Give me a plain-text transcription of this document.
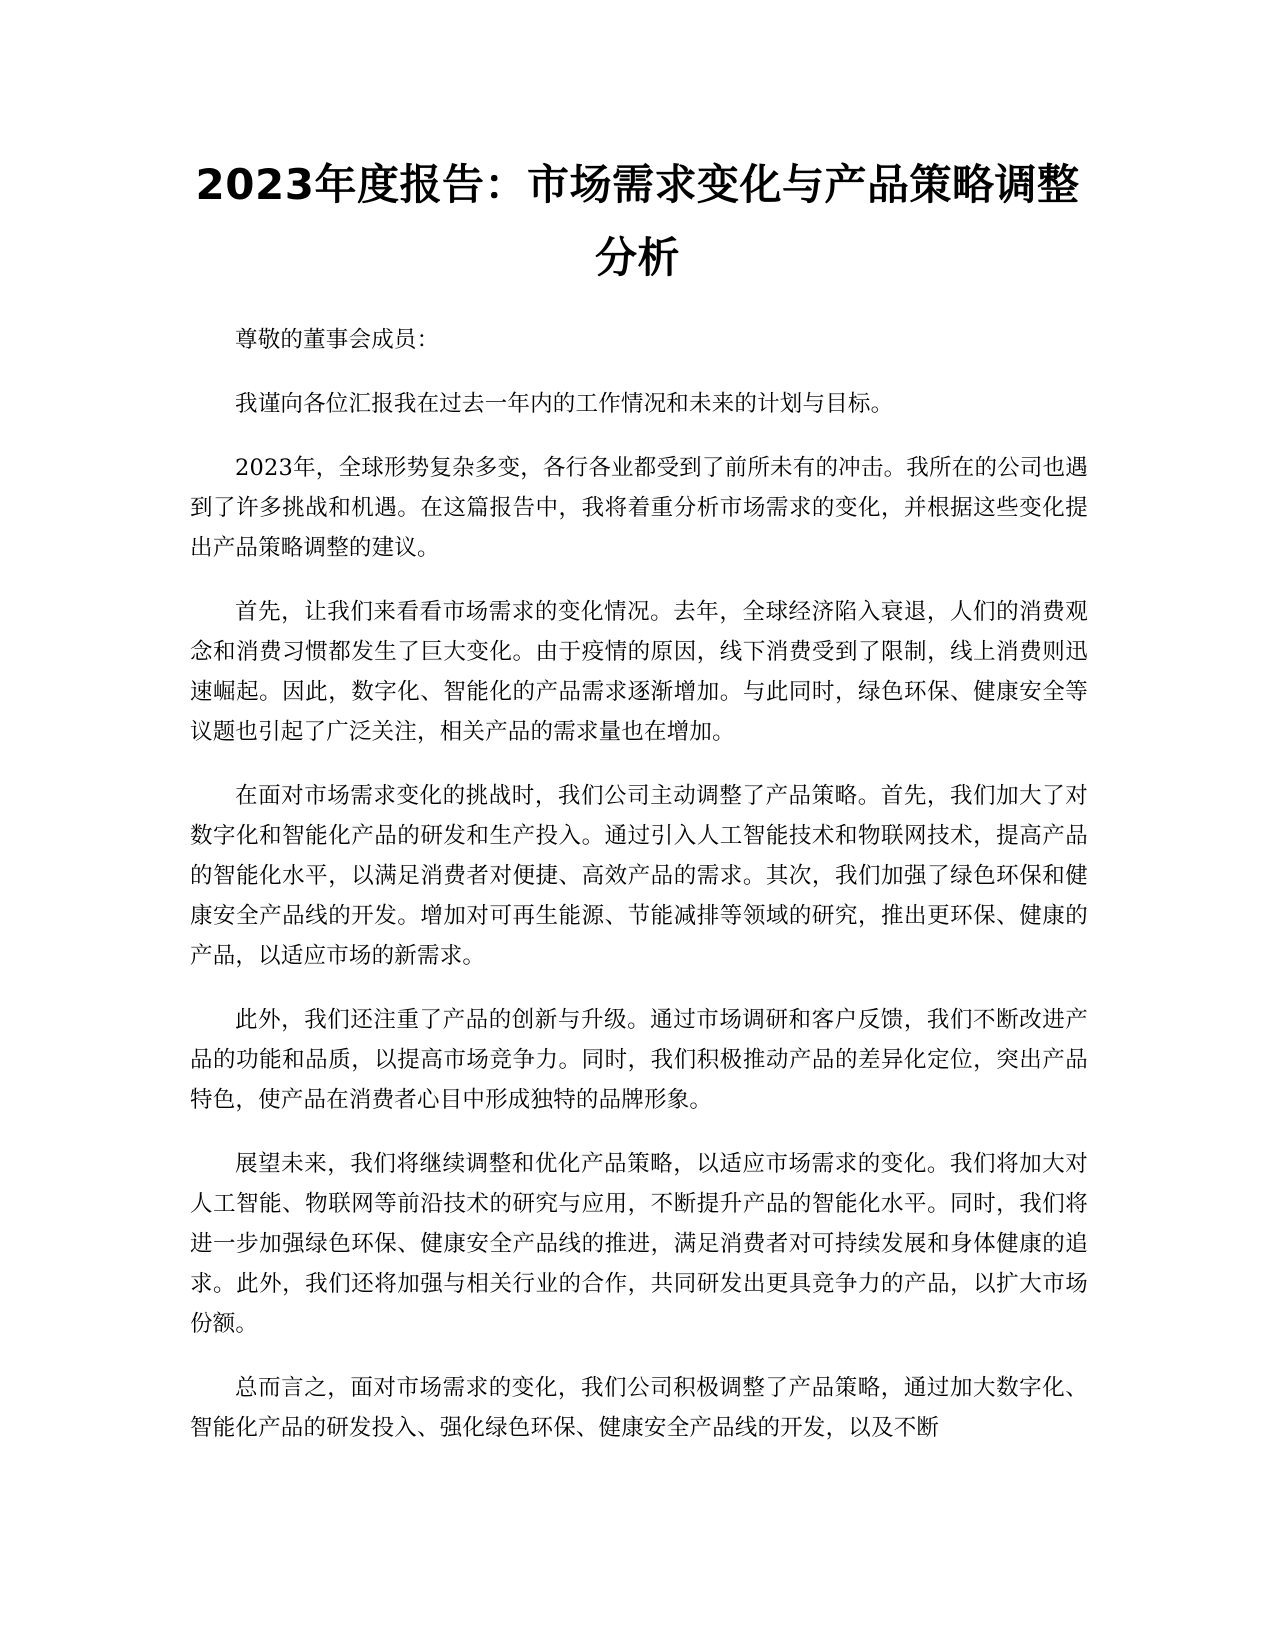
2023年度报告：市场需求变化与产品策略调整分析

尊敬的董事会成员：

我谨向各位汇报我在过去一年内的工作情况和未来的计划与目标。

2023年，全球形势复杂多变，各行各业都受到了前所未有的冲击。我所在的公司也遇到了许多挑战和机遇。在这篇报告中，我将着重分析市场需求的变化，并根据这些变化提出产品策略调整的建议。

首先，让我们来看看市场需求的变化情况。去年，全球经济陷入衰退，人们的消费观念和消费习惯都发生了巨大变化。由于疫情的原因，线下消费受到了限制，线上消费则迅速崛起。因此，数字化、智能化的产品需求逐渐增加。与此同时，绿色环保、健康安全等议题也引起了广泛关注，相关产品的需求量也在增加。

在面对市场需求变化的挑战时，我们公司主动调整了产品策略。首先，我们加大了对数字化和智能化产品的研发和生产投入。通过引入人工智能技术和物联网技术，提高产品的智能化水平，以满足消费者对便捷、高效产品的需求。其次，我们加强了绿色环保和健康安全产品线的开发。增加对可再生能源、节能减排等领域的研究，推出更环保、健康的产品，以适应市场的新需求。

此外，我们还注重了产品的创新与升级。通过市场调研和客户反馈，我们不断改进产品的功能和品质，以提高市场竞争力。同时，我们积极推动产品的差异化定位，突出产品特色，使产品在消费者心目中形成独特的品牌形象。

展望未来，我们将继续调整和优化产品策略，以适应市场需求的变化。我们将加大对人工智能、物联网等前沿技术的研究与应用，不断提升产品的智能化水平。同时，我们将进一步加强绿色环保、健康安全产品线的推进，满足消费者对可持续发展和身体健康的追求。此外，我们还将加强与相关行业的合作，共同研发出更具竞争力的产品，以扩大市场份额。

总而言之，面对市场需求的变化，我们公司积极调整了产品策略，通过加大数字化、智能化产品的研发投入、强化绿色环保、健康安全产品线的开发，以及不断
